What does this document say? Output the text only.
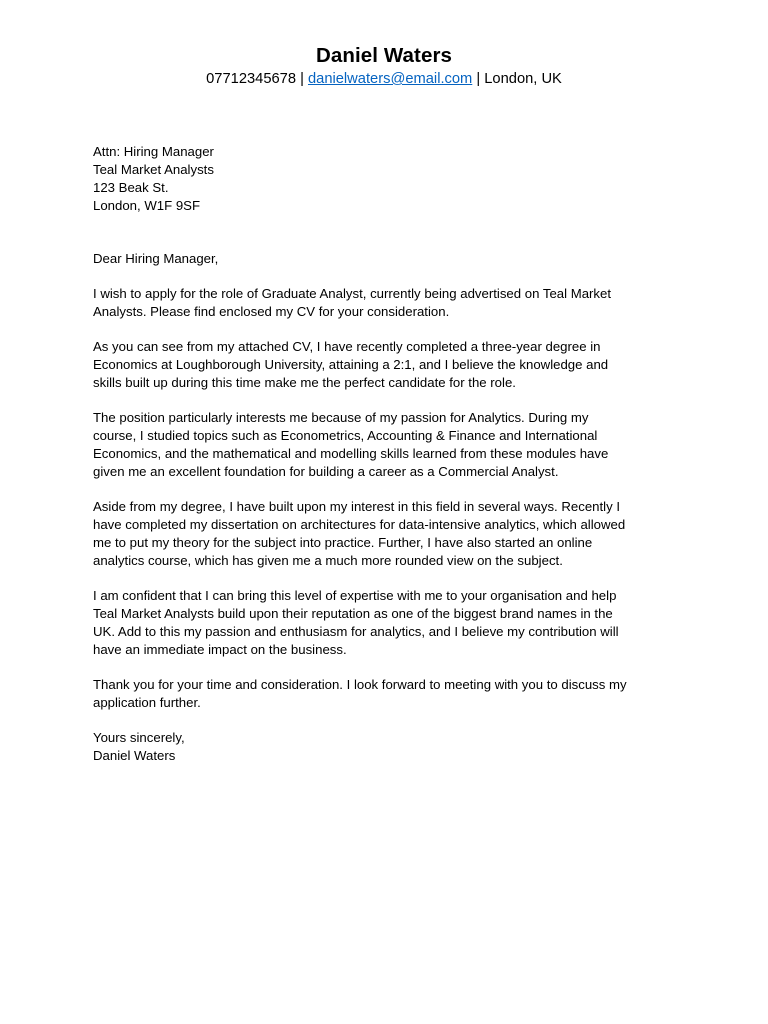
Daniel Waters
07712345678 | danielwaters@email.com | London, UK

Attn: Hiring Manager
Teal Market Analysts
123 Beak St.
London, W1F 9SF

Dear Hiring Manager,

I wish to apply for the role of Graduate Analyst, currently being advertised on Teal Market
Analysts. Please find enclosed my CV for your consideration.

As you can see from my attached CV, I have recently completed a three-year degree in
Economics at Loughborough University, attaining a 2:1, and I believe the knowledge and
skills built up during this time make me the perfect candidate for the role.

The position particularly interests me because of my passion for Analytics. During my
course, I studied topics such as Econometrics, Accounting & Finance and International
Economics, and the mathematical and modelling skills learned from these modules have
given me an excellent foundation for building a career as a Commercial Analyst.

Aside from my degree, I have built upon my interest in this field in several ways. Recently I
have completed my dissertation on architectures for data-intensive analytics, which allowed
me to put my theory for the subject into practice. Further, I have also started an online
analytics course, which has given me a much more rounded view on the subject.

I am confident that I can bring this level of expertise with me to your organisation and help
Teal Market Analysts build upon their reputation as one of the biggest brand names in the
UK. Add to this my passion and enthusiasm for analytics, and I believe my contribution will
have an immediate impact on the business.

Thank you for your time and consideration. I look forward to meeting with you to discuss my
application further.

Yours sincerely,
Daniel Waters
